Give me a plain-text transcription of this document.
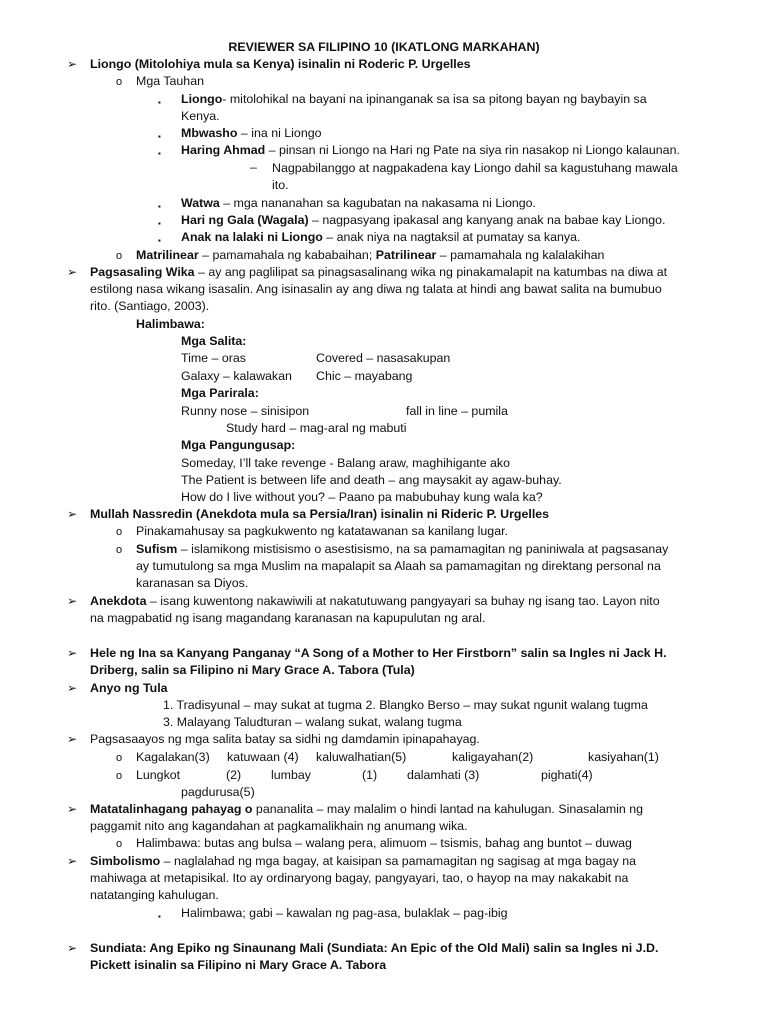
REVIEWER SA FILIPINO 10 (IKATLONG MARKAHAN)
➢ Liongo (Mitolohiya mula sa Kenya) isinalin ni Roderic P. Urgelles
o Mga Tauhan
▪ Liongo- mitolohikal na bayani na ipinanganak sa isa sa pitong bayan ng baybayin sa
Kenya.
▪ Mbwasho – ina ni Liongo
▪ Haring Ahmad – pinsan ni Liongo na Hari ng Pate na siya rin nasakop ni Liongo kalaunan.
– Nagpabilanggo at nagpakadena kay Liongo dahil sa kagustuhang mawala
ito.
▪ Watwa – mga nananahan sa kagubatan na nakasama ni Liongo.
▪ Hari ng Gala (Wagala) – nagpasyang ipakasal ang kanyang anak na babae kay Liongo.
▪ Anak na lalaki ni Liongo – anak niya na nagtaksil at pumatay sa kanya.
o Matrilinear – pamamahala ng kababaihan; Patrilinear – pamamahala ng kalalakihan
➢ Pagsasaling Wika – ay ang paglilipat sa pinagsasalinang wika ng pinakamalapit na katumbas na diwa at
estilong nasa wikang isasalin. Ang isinasalin ay ang diwa ng talata at hindi ang bawat salita na bumubuo
rito. (Santiago, 2003).
Halimbawa:
Mga Salita:
Time – oras	Covered – nasasakupan
Galaxy – kalawakan Chic – mayabang
Mga Parirala:
Runny nose – sinisipon	fall in line – pumila
Study hard – mag-aral ng mabuti
Mga Pangungusap:
Someday, I’ll take revenge - Balang araw, maghihigante ako
The Patient is between life and death – ang maysakit ay agaw-buhay.
How do I live without you? – Paano pa mabubuhay kung wala ka?
➢ Mullah Nassredin (Anekdota mula sa Persia/Iran) isinalin ni Rideric P. Urgelles
o Pinakamahusay sa pagkukwento ng katatawanan sa kanilang lugar.
o Sufism – islamikong mistisismo o asestisismo, na sa pamamagitan ng paniniwala at pagsasanay
ay tumutulong sa mga Muslim na mapalapit sa Alaah sa pamamagitan ng direktang personal na
karanasan sa Diyos.
➢ Anekdota – isang kuwentong nakawiwili at nakatutuwang pangyayari sa buhay ng isang tao. Layon nito
na magpabatid ng isang magandang karanasan na kapupulutan ng aral.
➢ Hele ng Ina sa Kanyang Panganay “A Song of a Mother to Her Firstborn” salin sa Ingles ni Jack H.
Driberg, salin sa Filipino ni Mary Grace A. Tabora (Tula)
➢ Anyo ng Tula
1. Tradisyunal – may sukat at tugma 2. Blangko Berso – may sukat ngunit walang tugma
3. Malayang Taludturan – walang sukat, walang tugma
➢ Pagsasaayos ng mga salita batay sa sidhi ng damdamin ipinapahayag.
o Kagalakan(3) katuwaan (4) kaluwalhatian(5)	kaligayahan(2)	kasiyahan(1)
o Lungkot	(2) lumbay	(1) dalamhati (3)	pighati(4)
pagdurusa(5)
➢ Matatalinhagang pahayag o pananalita – may malalim o hindi lantad na kahulugan. Sinasalamin ng
paggamit nito ang kagandahan at pagkamalikhain ng anumang wika.
o Halimbawa: butas ang bulsa – walang pera, alimuom – tsismis, bahag ang buntot – duwag
➢ Simbolismo – naglalahad ng mga bagay, at kaisipan sa pamamagitan ng sagisag at mga bagay na
mahiwaga at metapisikal. Ito ay ordinaryong bagay, pangyayari, tao, o hayop na may nakakabit na
natatanging kahulugan.
▪ Halimbawa; gabi – kawalan ng pag-asa, bulaklak – pag-ibig
➢ Sundiata: Ang Epiko ng Sinaunang Mali (Sundiata: An Epic of the Old Mali) salin sa Ingles ni J.D.
Pickett isinalin sa Filipino ni Mary Grace A. Tabora
